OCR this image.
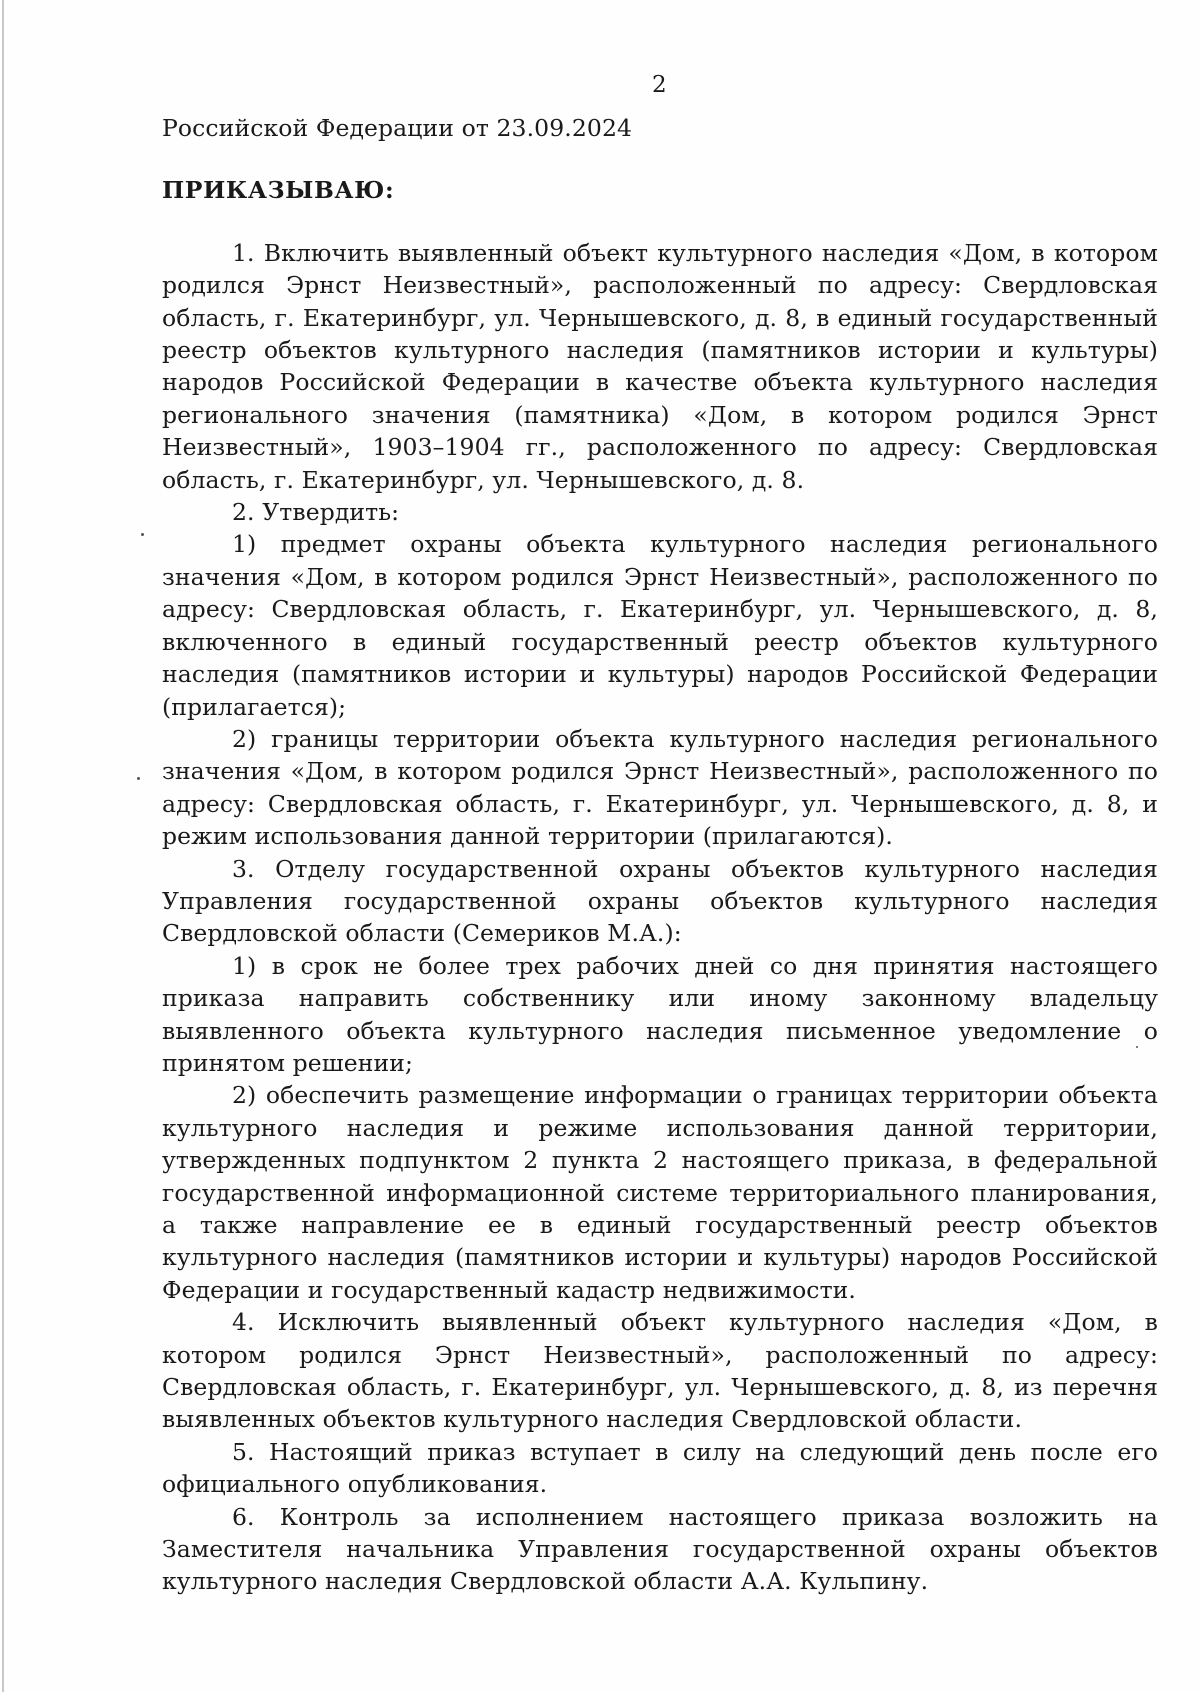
2

Российской Федерации от 23.09.2024

ПРИКАЗЫВАЮ:

1. Включить выявленный объект культурного наследия «Дом, в котором родился Эрнст Неизвестный», расположенный по адресу: Свердловская область, г. Екатеринбург, ул. Чернышевского, д. 8, в единый государственный реестр объектов культурного наследия (памятников истории и культуры) народов Российской Федерации в качестве объекта культурного наследия регионального значения (памятника) «Дом, в котором родился Эрнст Неизвестный», 1903–1904 гг., расположенного по адресу: Свердловская область, г. Екатеринбург, ул. Чернышевского, д. 8.

2. Утвердить:

1) предмет охраны объекта культурного наследия регионального значения «Дом, в котором родился Эрнст Неизвестный», расположенного по адресу: Свердловская область, г. Екатеринбург, ул. Чернышевского, д. 8, включенного в единый государственный реестр объектов культурного наследия (памятников истории и культуры) народов Российской Федерации (прилагается);

2) границы территории объекта культурного наследия регионального значения «Дом, в котором родился Эрнст Неизвестный», расположенного по адресу: Свердловская область, г. Екатеринбург, ул. Чернышевского, д. 8, и режим использования данной территории (прилагаются).

3. Отделу государственной охраны объектов культурного наследия Управления государственной охраны объектов культурного наследия Свердловской области (Семериков М.А.):

1) в срок не более трех рабочих дней со дня принятия настоящего приказа направить собственнику или иному законному владельцу выявленного объекта культурного наследия письменное уведомление о принятом решении;

2) обеспечить размещение информации о границах территории объекта культурного наследия и режиме использования данной территории, утвержденных подпунктом 2 пункта 2 настоящего приказа, в федеральной государственной информационной системе территориального планирования, а также направление ее в единый государственный реестр объектов культурного наследия (памятников истории и культуры) народов Российской Федерации и государственный кадастр недвижимости.

4. Исключить выявленный объект культурного наследия «Дом, в котором родился Эрнст Неизвестный», расположенный по адресу: Свердловская область, г. Екатеринбург, ул. Чернышевского, д. 8, из перечня выявленных объектов культурного наследия Свердловской области.

5. Настоящий приказ вступает в силу на следующий день после его официального опубликования.

6. Контроль за исполнением настоящего приказа возложить на Заместителя начальника Управления государственной охраны объектов культурного наследия Свердловской области А.А. Кульпину.
